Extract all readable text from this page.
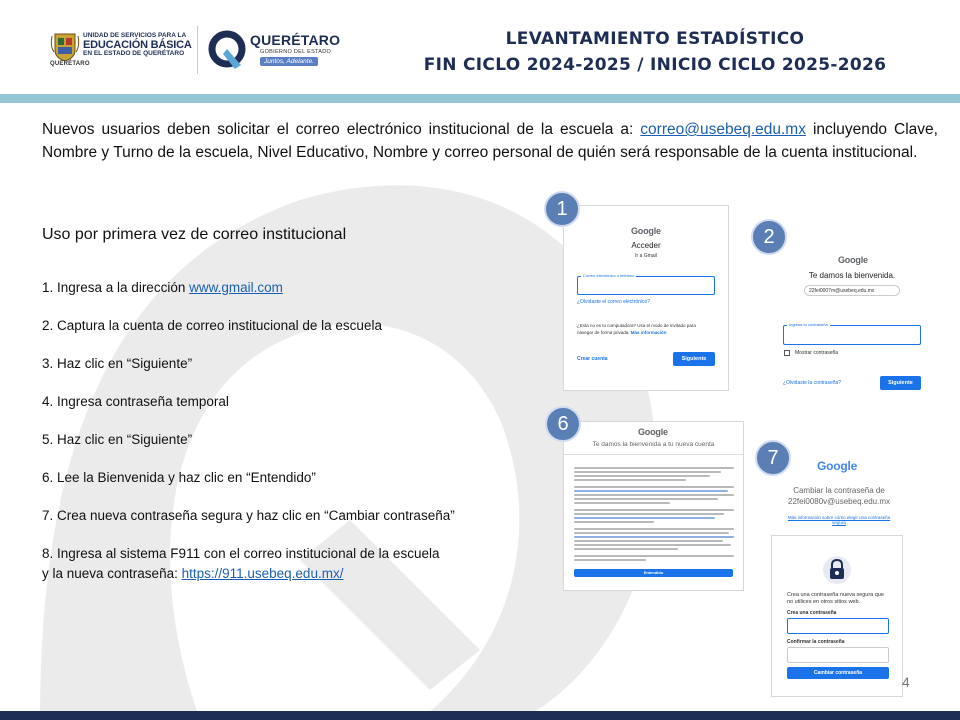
QUERÉTARO
UNIDAD DE SERVICIOS PARA LA
EDUCACIÓN BÁSICA
EN EL ESTADO DE QUERÉTARO
QUERÉTARO
GOBIERNO DEL ESTADO
Juntos, Adelante.
LEVANTAMIENTO ESTADÍSTICO
FIN CICLO 2024-2025 / INICIO CICLO 2025-2026

Nuevos usuarios deben solicitar el correo electrónico institucional de la escuela a: correo@usebeq.edu.mx incluyendo Clave, Nombre y Turno de la escuela, Nivel Educativo, Nombre y correo personal de quién será responsable de la cuenta institucional.

Uso por primera vez de correo institucional
1. Ingresa a la dirección www.gmail.com
2. Captura la cuenta de correo institucional de la escuela
3. Haz clic en “Siguiente”
4. Ingresa contraseña temporal
5. Haz clic en “Siguiente”
6. Lee la Bienvenida y haz clic en “Entendido”
7. Crea nueva contraseña segura y haz clic en “Cambiar contraseña”
8. Ingresa al sistema F911 con el correo institucional de la escuela
y la nueva contraseña: https://911.usebeq.edu.mx/
1
Google
Acceder
Ir a Gmail
Correo electrónico o teléfono
¿Olvidaste el correo electrónico?
¿Esta no es tu computadora? Usa el modo de invitado para
navegar de forma privada. Más información
Crear cuenta	Siguiente
2
Google
Te damos la bienvenida.
22fei0007m@usebeq.edu.mx
Ingresa tu contraseña
Mostrar contraseña
¿Olvidaste la contraseña?	Siguiente
6	Google
Te damos la bienvenida a tu nueva cuenta
Entendido
7	Google
Cambiar la contraseña de
22fei0080v@usebeq.edu.mx
Más información sobre cómo elegir una contraseña
segura
Crea una contraseña nueva segura que
no utilices en otros sitios web.
Crea una contraseña
Confirmar la contraseña
Cambiar contraseña
4
